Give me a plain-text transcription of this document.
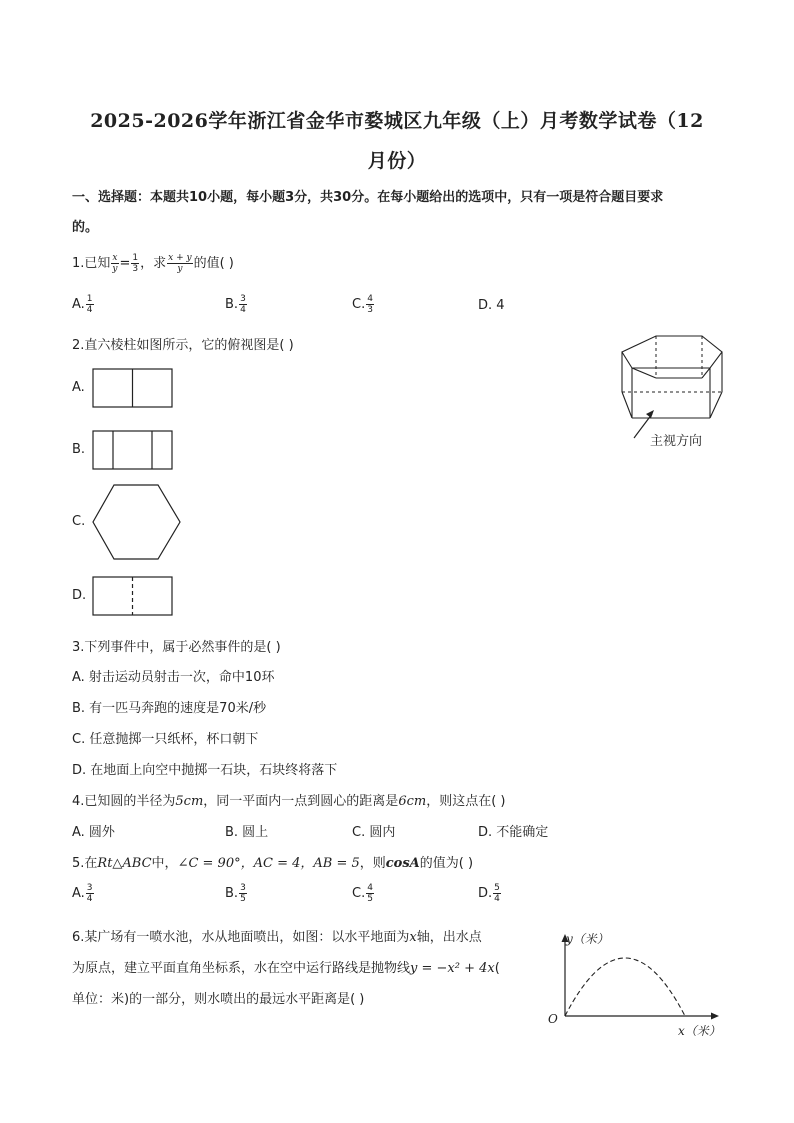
2025-2026学年浙江省金华市婺城区九年级（上）月考数学试卷（12
月份）
一、选择题：本题共10小题，每小题3分，共30分。在每小题给出的选项中，只有一项是符合题目要求
的。
1.已知 $\frac{x}{y} = \frac{1}{3}$ ，求 $\frac{x + y}{y}$ 的值( )
A. $\frac{1}{4}$	B. $\frac{3}{4}$	C. $\frac{4}{3}$	D. 4
2.直六棱柱如图所示，它的俯视图是( )
A.
B.
C.
D.
主视方向
3.下列事件中，属于必然事件的是( )
A. 射击运动员射击一次，命中10环
B. 有一匹马奔跑的速度是70米/秒
C. 任意抛掷一只纸杯，杯口朝下
D. 在地面上向空中抛掷一石块，石块终将落下
4.已知圆的半径为5cm，同一平面内一点到圆心的距离是6cm，则这点在( )
A. 圆外	B. 圆上	C. 圆内	D. 不能确定
5.在Rt△ABC中，∠C = 90°，AC = 4，AB = 5，则cosA的值为( )
A. $\frac{3}{4}$	B. $\frac{3}{5}$	C. $\frac{4}{5}$	D. $\frac{5}{4}$
6.某广场有一喷水池，水从地面喷出，如图：以水平地面为x轴，出水点
为原点，建立平面直角坐标系，水在空中运行路线是抛物线y = −x² + 4x(
单位：米)的一部分，则水喷出的最远水平距离是( )
y（米）
x（米）
O
